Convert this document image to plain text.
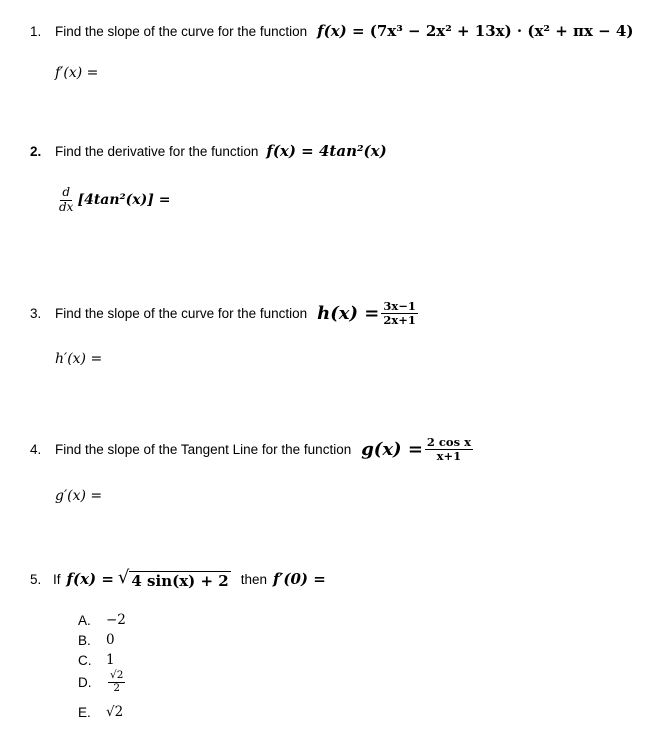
1.	Find the slope of the curve for the function f(x) = (7x³ − 2x² + 13x) · (x² + πx − 4)
f′(x) =
2.	Find the derivative for the function f(x) = 4tan²(x)
$\frac{d}{dx} [4\tan^2(x)]$ =
3.	Find the slope of the curve for the function $h(x) = \frac{3x-1}{2x+1}$
h′(x) =
4.	Find the slope of the Tangent Line for the function $g(x) = \frac{\text{2 cos x}}{x+1}$
g′(x) =
5. If f(x) = √ 4 sin(x) + 2 then f′(0) =
A.	−2
B.	0
C.	1
D.	$\frac{√2}{2}$
E.	√2
